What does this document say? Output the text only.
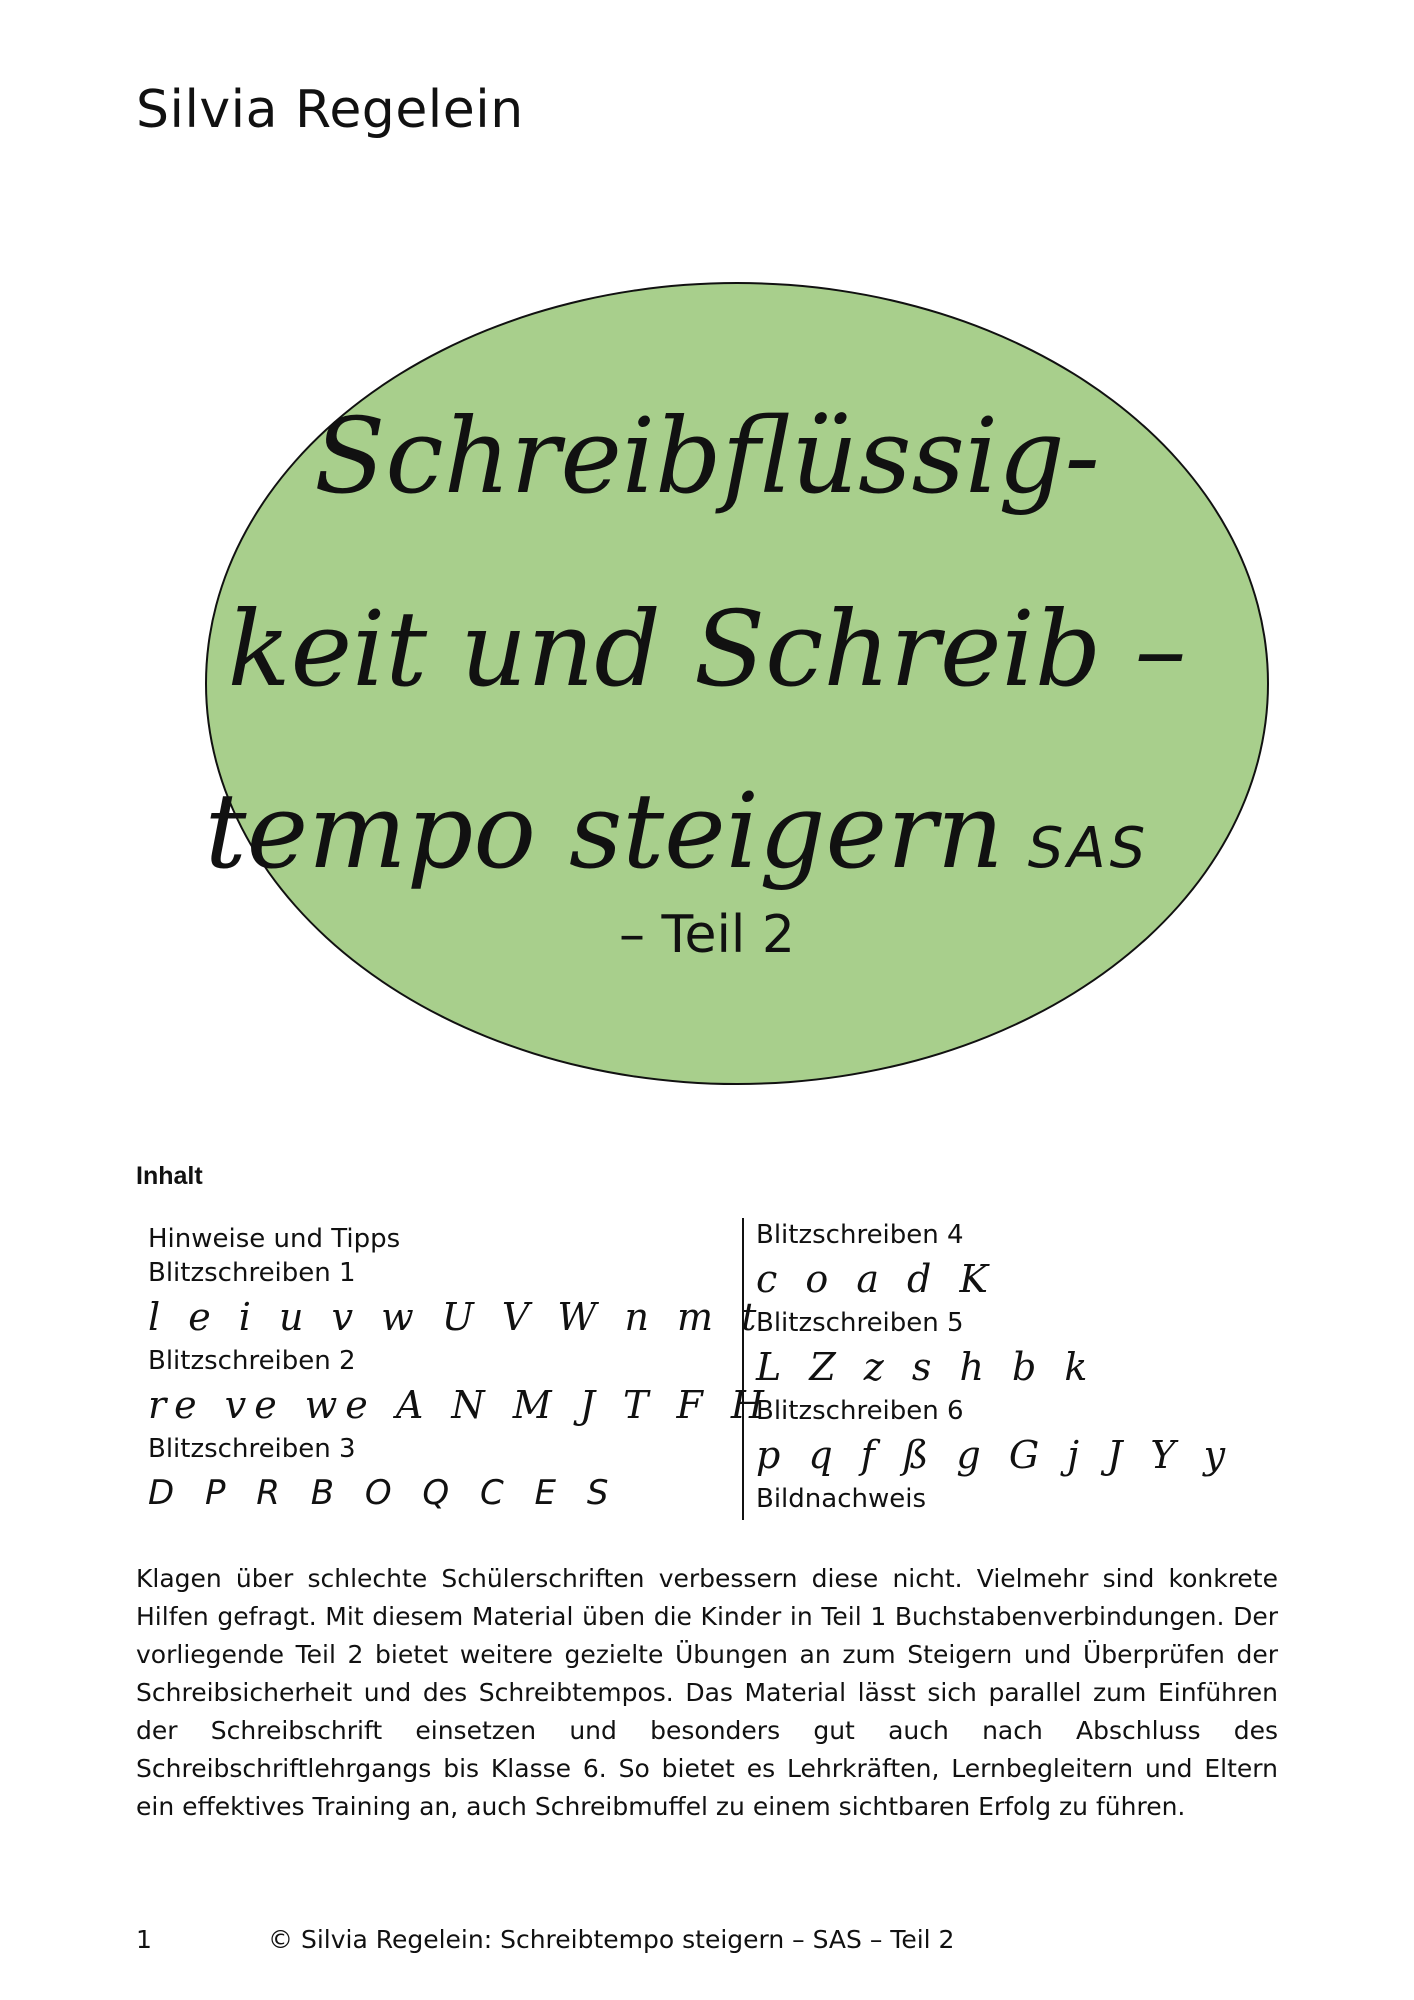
Silvia Regelein
Schreibflüssig-
keit und Schreib –
tempo steigern SAS
– Teil 2
Inhalt
Hinweise und Tipps
Blitzschreiben 1
l e i u v w U V W n m t
Blitzschreiben 2
re ve we A N M J T F H
Blitzschreiben 3
D P R B O Q C E S
Blitzschreiben 4
c o a d K
Blitzschreiben 5
L Z z s h b k
Blitzschreiben 6
p q f ß g G j J Y y
Bildnachweis
Klagen über schlechte Schülerschriften verbessern diese nicht. Vielmehr sind konkrete Hilfen gefragt. Mit diesem Material üben die Kinder in Teil 1 Buchstabenverbindungen. Der vorliegende Teil 2 bietet weitere gezielte Übungen an zum Steigern und Überprüfen der Schreibsicherheit und des Schreibtempos. Das Material lässt sich parallel zum Einführen der Schreibschrift einsetzen und besonders gut auch nach Abschluss des Schreibschriftlehrgangs bis Klasse 6. So bietet es Lehrkräften, Lernbegleitern und Eltern ein effektives Training an, auch Schreibmuffel zu einem sichtbaren Erfolg zu führen.
1	© Silvia Regelein: Schreibtempo steigern – SAS – Teil 2
